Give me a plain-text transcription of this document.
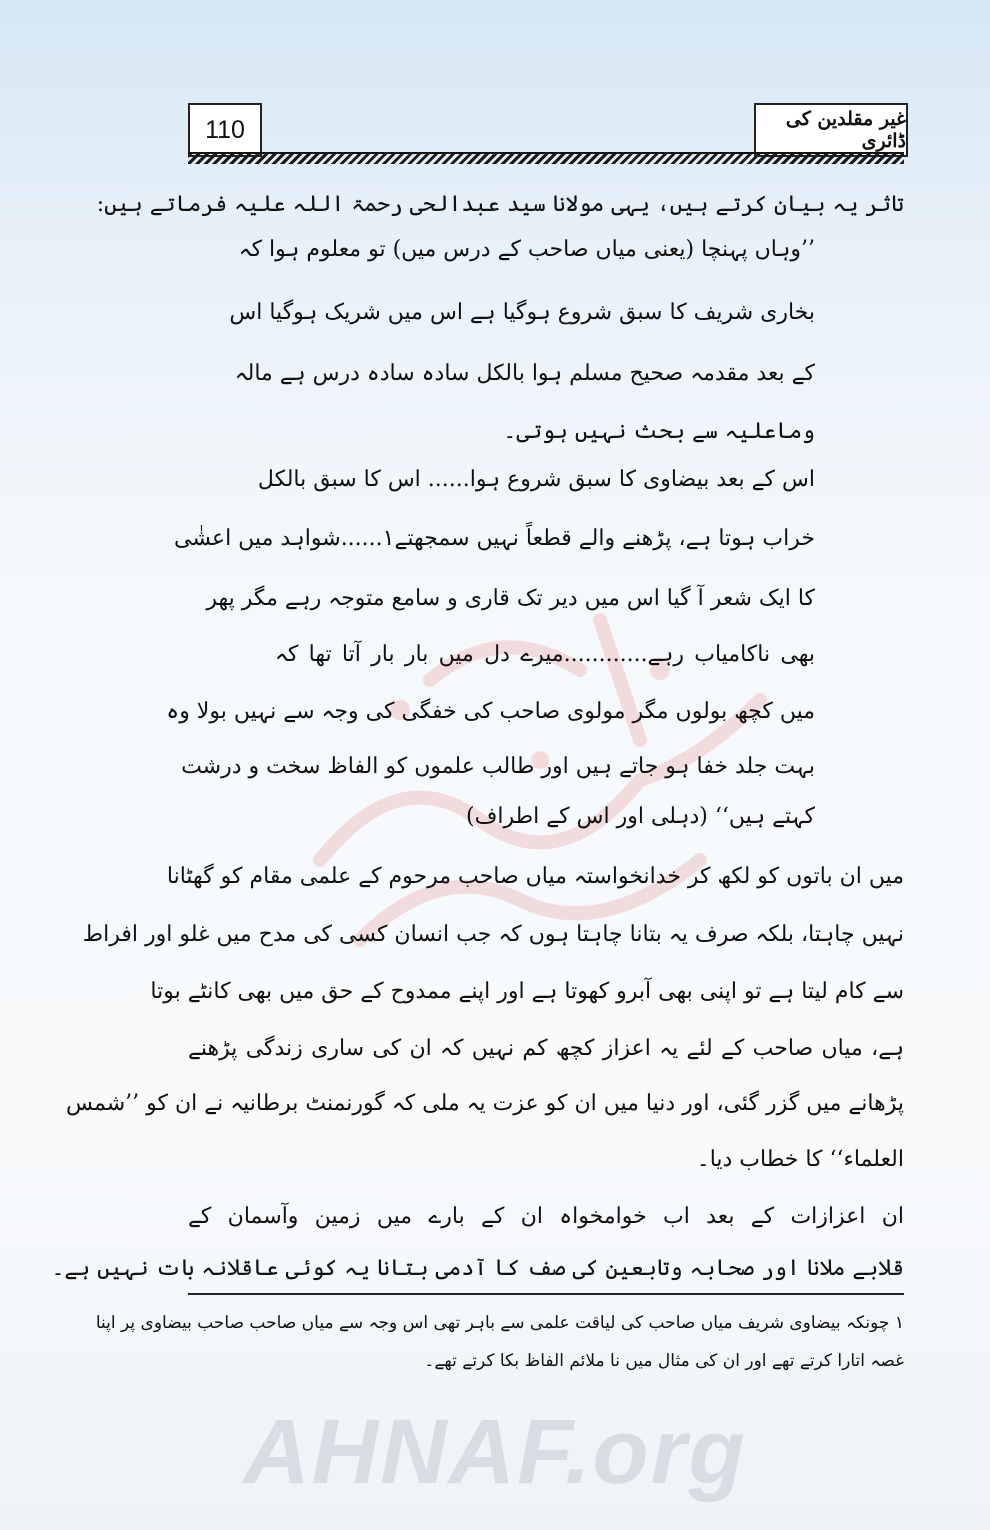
110	غیر مقلدین کی ڈائری
تاثر یہ بیان کرتے ہیں، یہی مولانا سید عبدالحی رحمۃ اللہ علیہ فرماتے ہیں:
’’وہاں پہنچا (یعنی میاں صاحب کے درس میں) تو معلوم ہوا کہ
بخاری شریف کا سبق شروع ہوگیا ہے اس میں شریک ہوگیا اس
کے بعد مقدمہ صحیح مسلم ہوا بالکل سادہ سادہ درس ہے مالہ
وماعلیہ سے بحث نہیں ہوتی۔
اس کے بعد بیضاوی کا سبق شروع ہوا...... اس کا سبق بالکل
خراب ہوتا ہے، پڑھنے والے قطعاً نہیں سمجھتے۱......شواہد میں اعشٰی
کا ایک شعر آ گیا اس میں دیر تک قاری و سامع متوجہ رہے مگر پھر
بھی ناکامیاب رہے............میرے دل میں بار بار آتا تھا کہ
میں کچھ بولوں مگر مولوی صاحب کی خفگی کی وجہ سے نہیں بولا وہ
بہت جلد خفا ہو جاتے ہیں اور طالب علموں کو الفاظ سخت و درشت
کہتے ہیں‘‘ (دہلی اور اس کے اطراف)
میں ان باتوں کو لکھ کر خدانخواستہ میاں صاحب مرحوم کے علمی مقام کو گھٹانا
نہیں چاہتا، بلکہ صرف یہ بتانا چاہتا ہوں کہ جب انسان کسی کی مدح میں غلو اور افراط
سے کام لیتا ہے تو اپنی بھی آبرو کھوتا ہے اور اپنے ممدوح کے حق میں بھی کانٹے بوتا
ہے، میاں صاحب کے لئے یہ اعزاز کچھ کم نہیں کہ ان کی ساری زندگی پڑھنے
پڑھانے میں گزر گئی، اور دنیا میں ان کو عزت یہ ملی کہ گورنمنٹ برطانیہ نے ان کو ’’شمس
العلماء‘‘ کا خطاب دیا۔
ان اعزازات کے بعد اب خوامخواہ ان کے بارے میں زمین وآسمان کے
قلابے ملانا اور صحابہ وتابعین کی صف کا آدمی بتانا یہ کوئی عاقلانہ بات نہیں ہے۔
۱ چونکہ بیضاوی شریف میاں صاحب کی لیاقت علمی سے باہر تھی اس وجہ سے میاں صاحب صاحب بیضاوی پر اپنا
غصہ اتارا کرتے تھے اور ان کی مثال میں نا ملائم الفاظ بکا کرتے تھے۔
AHNAF.org
